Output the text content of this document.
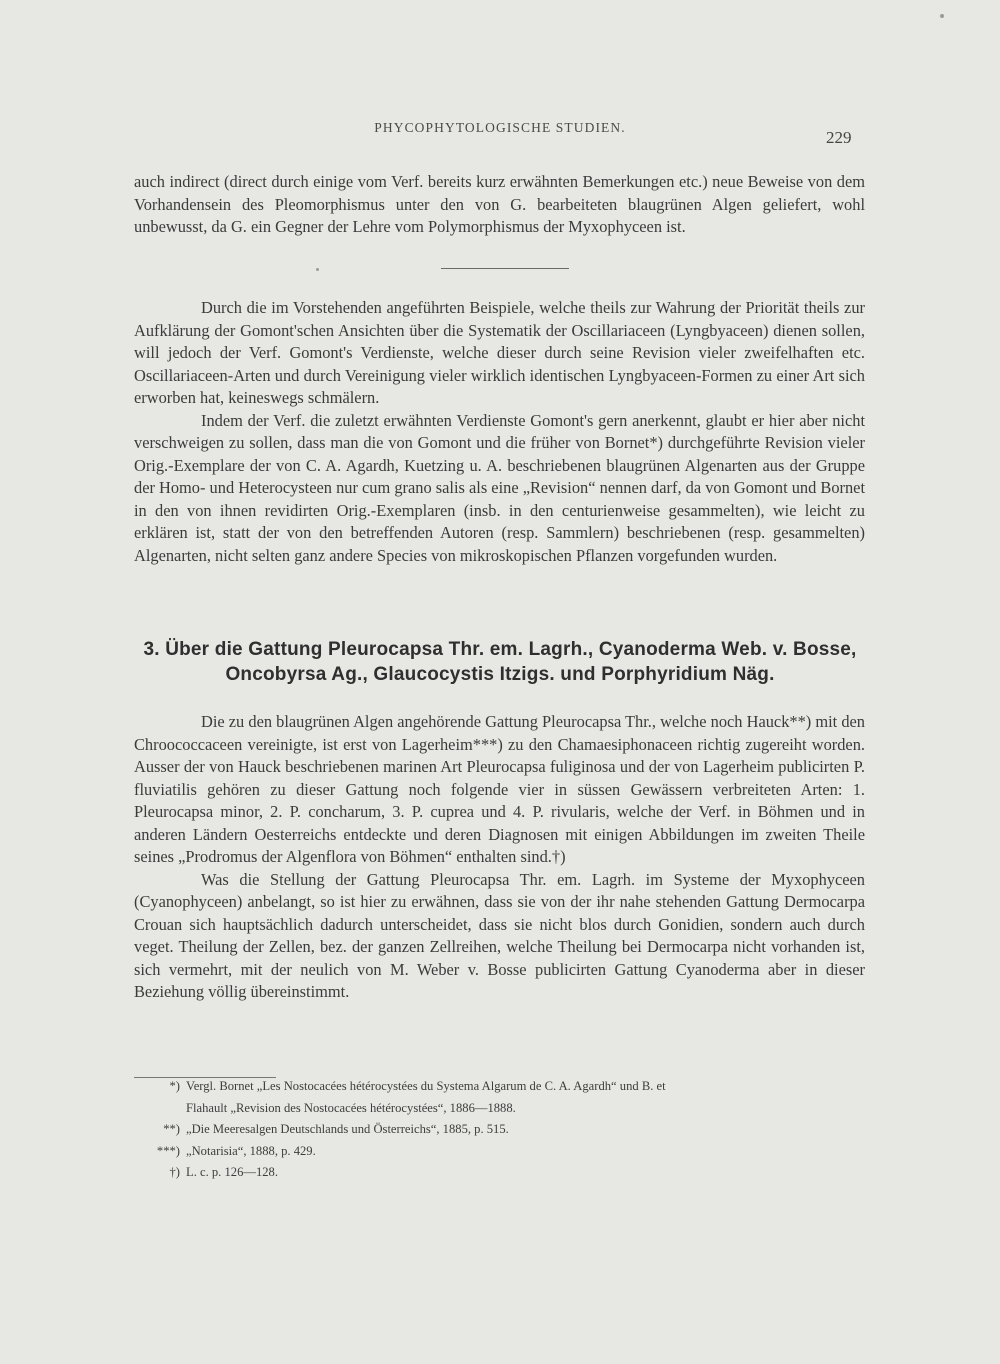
PHYCOPHYTOLOGISCHE STUDIEN.
229

auch indirect (direct durch einige vom Verf. bereits kurz erwähnten Bemerkungen etc.) neue Beweise von dem Vorhandensein des Pleomorphismus unter den von G. bearbeiteten blaugrünen Algen geliefert, wohl unbewusst, da G. ein Gegner der Lehre vom Polymorphismus der Myxophyceen ist.

Durch die im Vorstehenden angeführten Beispiele, welche theils zur Wahrung der Priorität theils zur Aufklärung der Gomont'schen Ansichten über die Systematik der Oscillariaceen (Lyngbyaceen) dienen sollen, will jedoch der Verf. Gomont's Verdienste, welche dieser durch seine Revision vieler zweifelhaften etc. Oscillariaceen-Arten und durch Vereinigung vieler wirklich identischen Lyngbyaceen-Formen zu einer Art sich erworben hat, keineswegs schmälern.

Indem der Verf. die zuletzt erwähnten Verdienste Gomont's gern anerkennt, glaubt er hier aber nicht verschweigen zu sollen, dass man die von Gomont und die früher von Bornet*) durchgeführte Revision vieler Orig.-Exemplare der von C. A. Agardh, Kuetzing u. A. beschriebenen blaugrünen Algenarten aus der Gruppe der Homo- und Heterocysteen nur cum grano salis als eine „Revision“ nennen darf, da von Gomont und Bornet in den von ihnen revidirten Orig.-Exemplaren (insb. in den centurienweise gesammelten), wie leicht zu erklären ist, statt der von den betreffenden Autoren (resp. Sammlern) beschriebenen (resp. gesammelten) Algenarten, nicht selten ganz andere Species von mikroskopischen Pflanzen vorgefunden wurden.

3. Über die Gattung Pleurocapsa Thr. em. Lagrh., Cyanoderma Web. v. Bosse,
Oncobyrsa Ag., Glaucocystis Itzigs. und Porphyridium Näg.

Die zu den blaugrünen Algen angehörende Gattung Pleurocapsa Thr., welche noch Hauck**) mit den Chroococcaceen vereinigte, ist erst von Lagerheim***) zu den Chamaesiphonaceen richtig zugereiht worden. Ausser der von Hauck beschriebenen marinen Art Pleurocapsa fuliginosa und der von Lagerheim publicirten P. fluviatilis gehören zu dieser Gattung noch folgende vier in süssen Gewässern verbreiteten Arten: 1. Pleurocapsa minor, 2. P. concharum, 3. P. cuprea und 4. P. rivularis, welche der Verf. in Böhmen und in anderen Ländern Oesterreichs entdeckte und deren Diagnosen mit einigen Abbildungen im zweiten Theile seines „Prodromus der Algenflora von Böhmen“ enthalten sind.†)

Was die Stellung der Gattung Pleurocapsa Thr. em. Lagrh. im Systeme der Myxophyceen (Cyanophyceen) anbelangt, so ist hier zu erwähnen, dass sie von der ihr nahe stehenden Gattung Dermocarpa Crouan sich hauptsächlich dadurch unterscheidet, dass sie nicht blos durch Gonidien, sondern auch durch veget. Theilung der Zellen, bez. der ganzen Zellreihen, welche Theilung bei Dermocarpa nicht vorhanden ist, sich vermehrt, mit der neulich von M. Weber v. Bosse publicirten Gattung Cyanoderma aber in dieser Beziehung völlig übereinstimmt.

*) Vergl. Bornet „Les Nostocacées hétérocystées du Systema Algarum de C. A. Agardh“ und B. et
Flahault „Revision des Nostocacées hétérocystées“, 1886—1888.
**) „Die Meeresalgen Deutschlands und Österreichs“, 1885, p. 515.
***) „Notarisia“, 1888, p. 429.
†) L. c. p. 126—128.
